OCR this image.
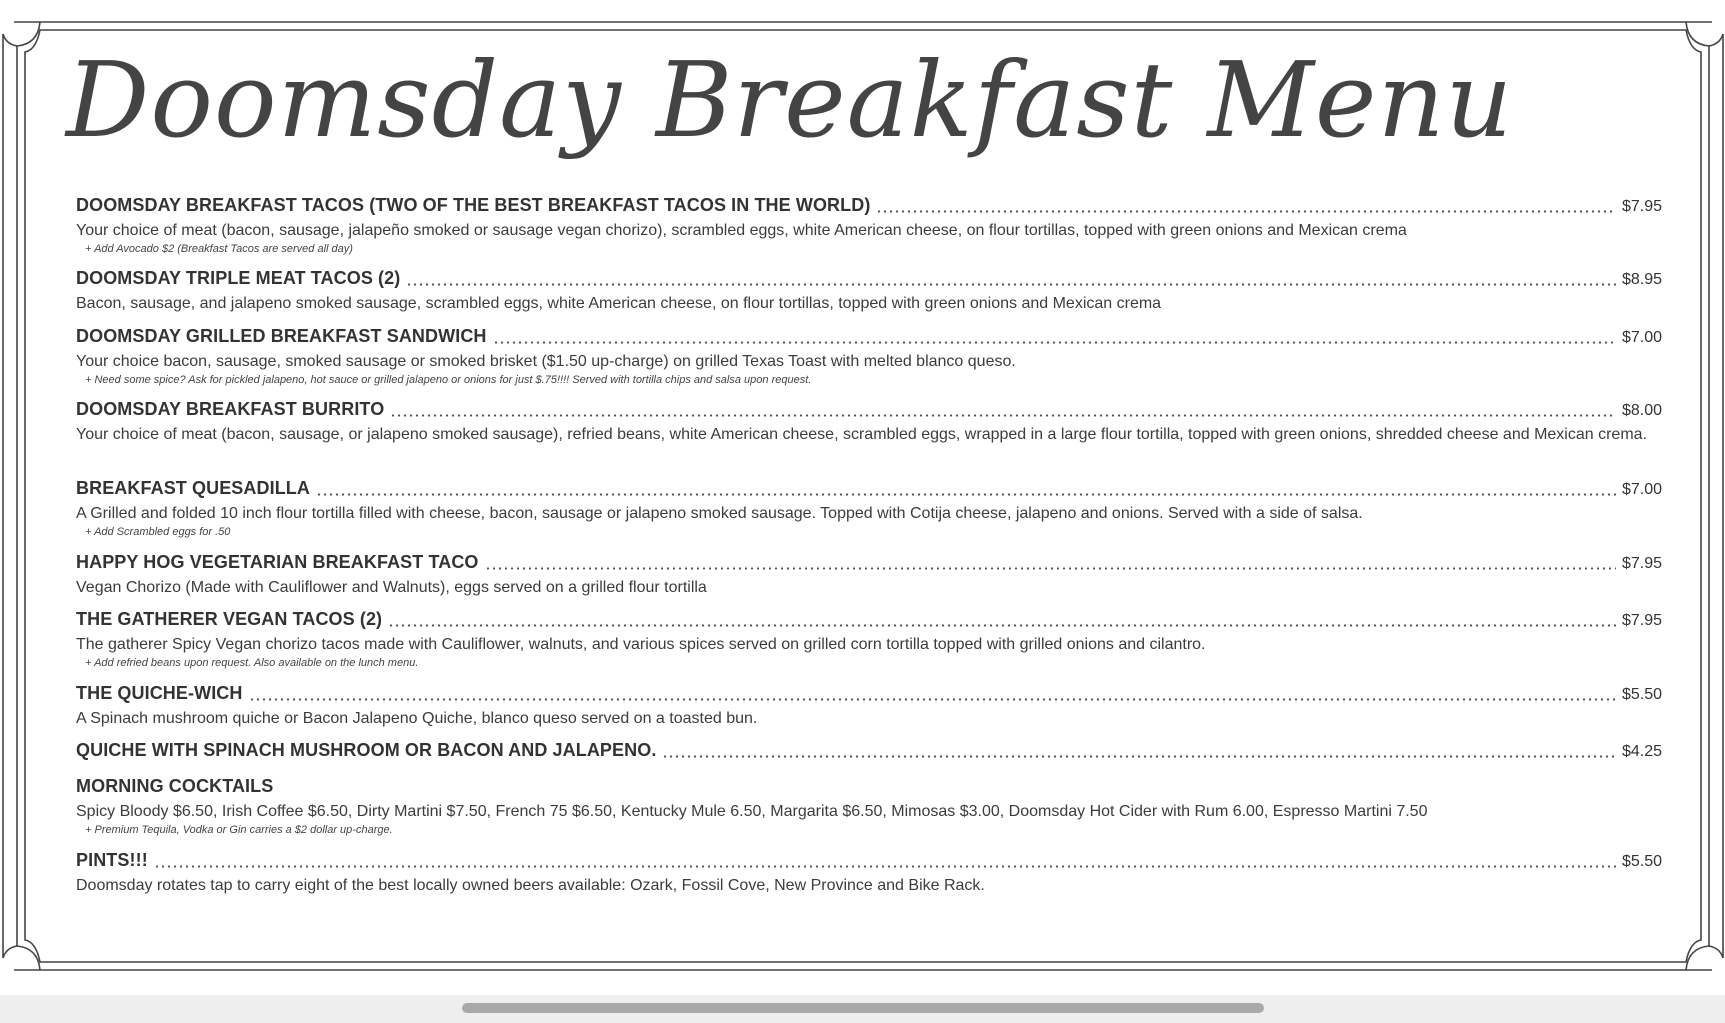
Doomsday Breakfast Menu
DOOMSDAY BREAKFAST TACOS (TWO OF THE BEST BREAKFAST TACOS IN THE WORLD)	$7.95
Your choice of meat (bacon, sausage, jalapeño smoked or sausage vegan chorizo), scrambled eggs, white American cheese, on flour tortillas, topped with green onions and Mexican crema
+ Add Avocado $2 (Breakfast Tacos are served all day)
DOOMSDAY TRIPLE MEAT TACOS (2)	$8.95
Bacon, sausage, and jalapeno smoked sausage, scrambled eggs, white American cheese, on flour tortillas, topped with green onions and Mexican crema
DOOMSDAY GRILLED BREAKFAST SANDWICH	$7.00
Your choice bacon, sausage, smoked sausage or smoked brisket ($1.50 up-charge) on grilled Texas Toast with melted blanco queso.
+ Need some spice? Ask for pickled jalapeno, hot sauce or grilled jalapeno or onions for just $.75!!!! Served with tortilla chips and salsa upon request.
DOOMSDAY BREAKFAST BURRITO	$8.00
Your choice of meat (bacon, sausage, or jalapeno smoked sausage), refried beans, white American cheese, scrambled eggs, wrapped in a large flour tortilla, topped with green onions, shredded cheese and Mexican crema.
BREAKFAST QUESADILLA	$7.00
A Grilled and folded 10 inch flour tortilla filled with cheese, bacon, sausage or jalapeno smoked sausage. Topped with Cotija cheese, jalapeno and onions. Served with a side of salsa.
+ Add Scrambled eggs for .50
HAPPY HOG VEGETARIAN BREAKFAST TACO	$7.95
Vegan Chorizo (Made with Cauliflower and Walnuts), eggs served on a grilled flour tortilla
THE GATHERER VEGAN TACOS (2)	$7.95
The gatherer Spicy Vegan chorizo tacos made with Cauliflower, walnuts, and various spices served on grilled corn tortilla topped with grilled onions and cilantro.
+ Add refried beans upon request. Also available on the lunch menu.
THE QUICHE-WICH	$5.50
A Spinach mushroom quiche or Bacon Jalapeno Quiche, blanco queso served on a toasted bun.
QUICHE WITH SPINACH MUSHROOM OR BACON AND JALAPENO.	$4.25
MORNING COCKTAILS
Spicy Bloody $6.50, Irish Coffee $6.50, Dirty Martini $7.50, French 75 $6.50, Kentucky Mule 6.50, Margarita $6.50, Mimosas $3.00, Doomsday Hot Cider with Rum 6.00, Espresso Martini 7.50
+ Premium Tequila, Vodka or Gin carries a $2 dollar up-charge.
PINTS!!!	$5.50
Doomsday rotates tap to carry eight of the best locally owned beers available: Ozark, Fossil Cove, New Province and Bike Rack.
